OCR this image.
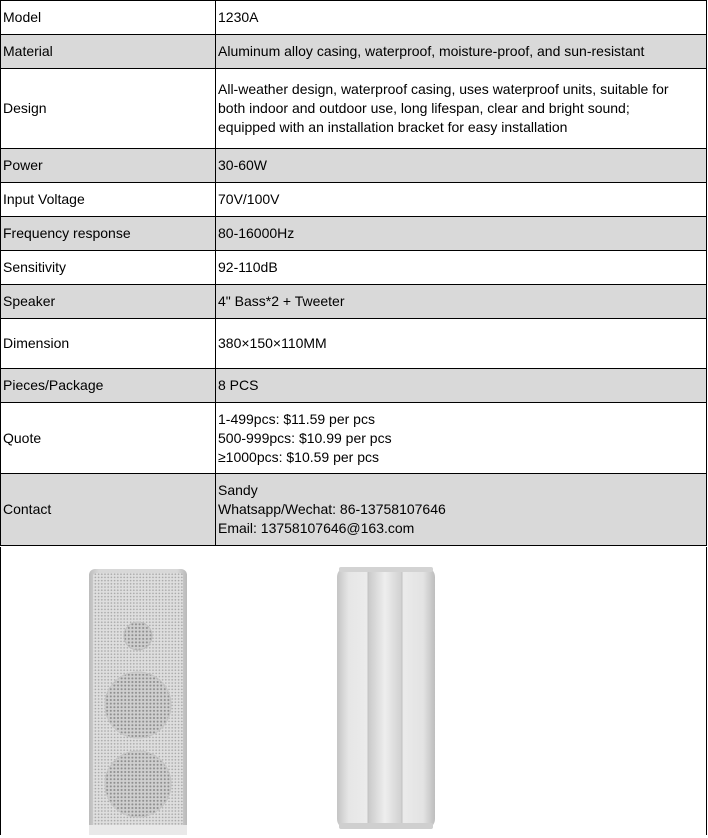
Model	1230A

Material	Aluminum alloy casing, waterproof, moisture-proof, and sun-resistant

Design	All-weather design, waterproof casing, uses waterproof units, suitable for
both indoor and outdoor use, long lifespan, clear and bright sound;
equipped with an installation bracket for easy installation

Power	30-60W

Input Voltage	70V/100V

Frequency response	80-16000Hz

Sensitivity	92-110dB

Speaker	4" Bass*2 + Tweeter

Dimension	380×150×110MM

Pieces/Package	8 PCS

Quote	1-499pcs: $11.59 per pcs
500-999pcs: $10.99 per pcs
≥1000pcs: $10.59 per pcs

Contact	Sandy
Whatsapp/Wechat: 86-13758107646
Email: 13758107646@163.com
